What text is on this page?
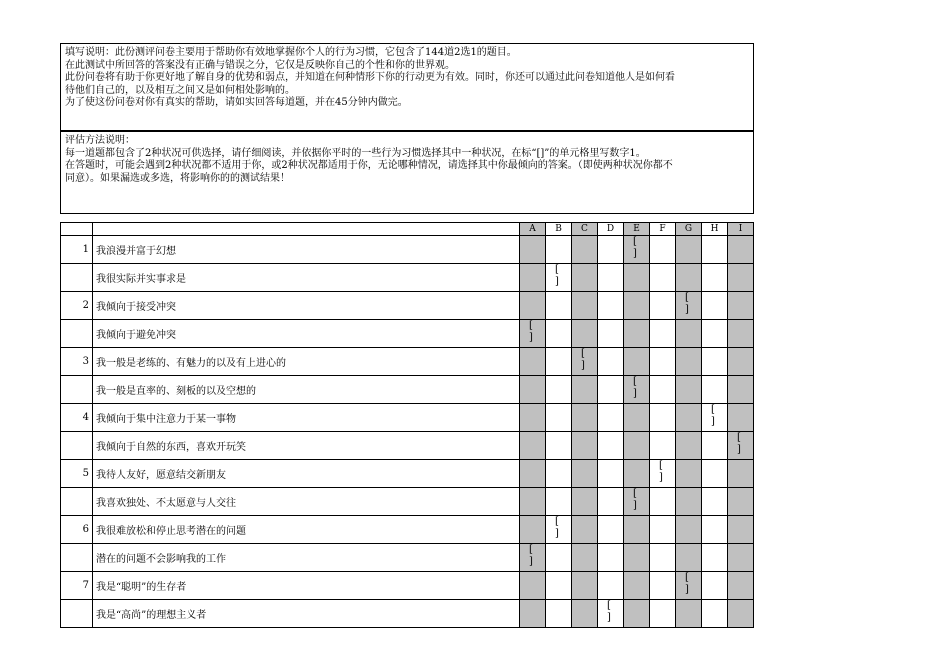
填写说明：此份测评问卷主要用于帮助你有效地掌握你个人的行为习惯，它包含了144道2选1的题目。
在此测试中所回答的答案没有正确与错误之分，它仅是反映你自己的个性和你的世界观。
此份问卷将有助于你更好地了解自身的优势和弱点，并知道在何种情形下你的行动更为有效。同时，你还可以通过此问卷知道他人是如何看
待他们自己的，以及相互之间又是如何相处影响的。
为了使这份问卷对你有真实的帮助，请如实回答每道题，并在45分钟内做完。
评估方法说明：
每一道题都包含了2种状况可供选择，请仔细阅读，并依据你平时的一些行为习惯选择其中一种状况，在标“[]”的单元格里写数字1。
在答题时，可能会遇到2种状况都不适用于你，或2种状况都适用于你，无论哪种情况，请选择其中你最倾向的答案。（即使两种状况你都不
同意）。如果漏选或多选，将影响你的的测试结果！
		A	B	C	D	E	F	G	H	I
1	我浪漫并富于幻想					[
]				

	我很实际并实事求是		[
]							

2	我倾向于接受冲突							[
]		

	我倾向于避免冲突	[
]								

3	我一般是老练的、有魅力的以及有上进心的			[
]						

	我一般是直率的、刻板的以及空想的					[
]				

4	我倾向于集中注意力于某一事物								[
]	

	我倾向于自然的东西，喜欢开玩笑									[
]

5	我待人友好，愿意结交新朋友						[
]			

	我喜欢独处、不太愿意与人交往					[
]				

6	我很难放松和停止思考潜在的问题		[
]							

	潜在的问题不会影响我的工作	[
]								

7	我是“聪明”的生存者							[
]		

	我是“高尚”的理想主义者				[
]					
